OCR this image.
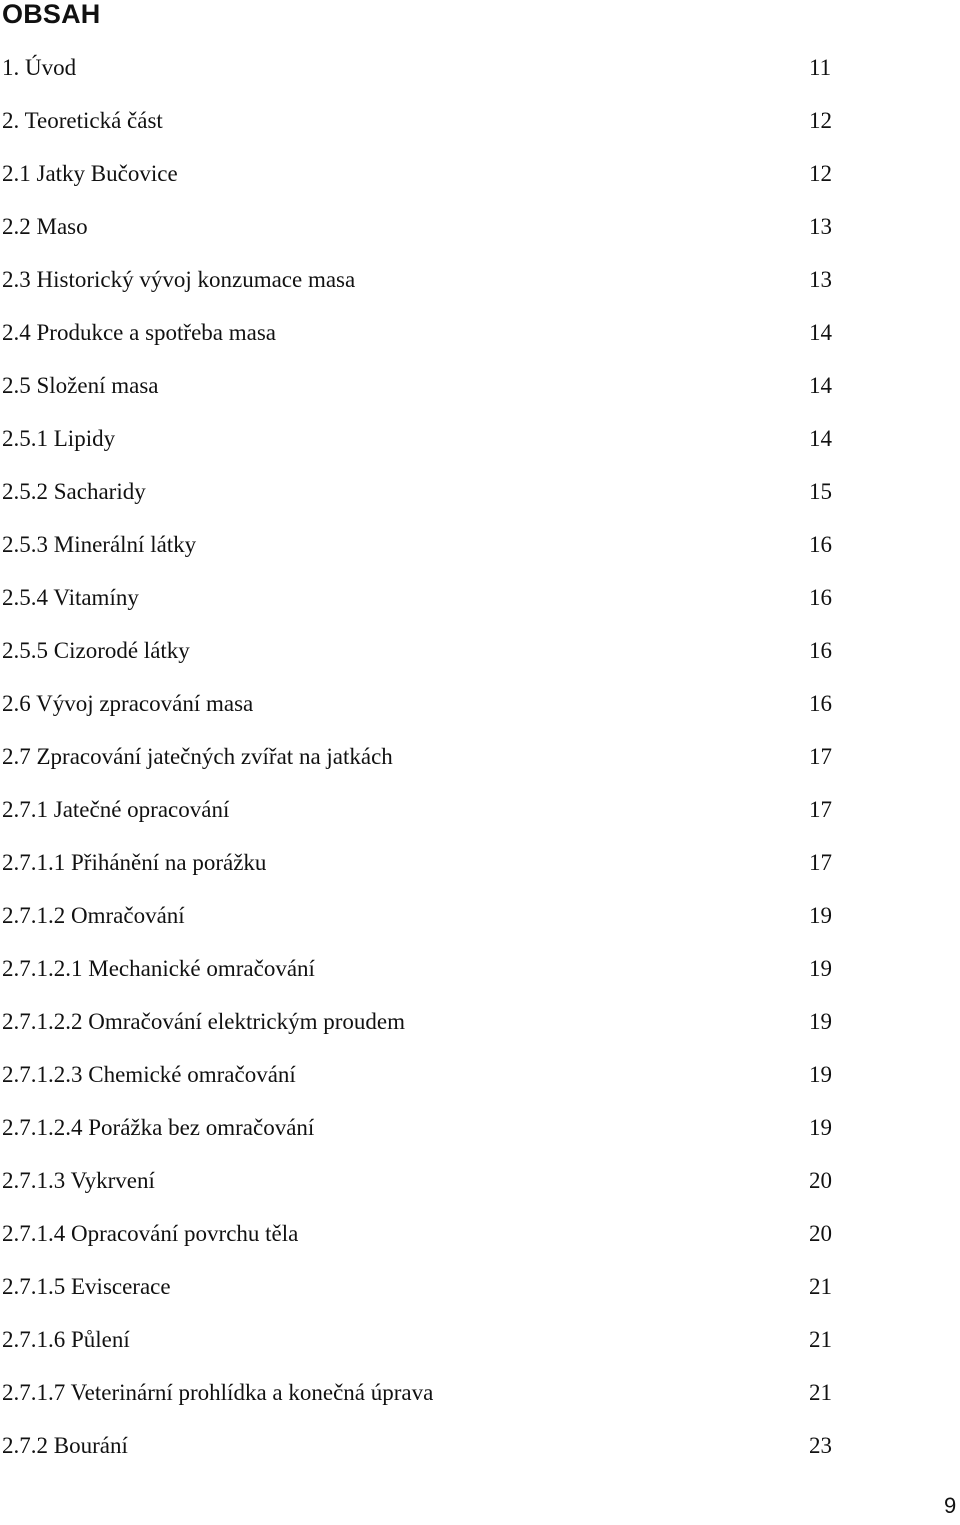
OBSAH
1. Úvod	11
2. Teoretická část	12
2.1 Jatky Bučovice	12
2.2 Maso	13
2.3 Historický vývoj konzumace masa	13
2.4 Produkce a spotřeba masa	14
2.5 Složení masa	14
2.5.1 Lipidy	14
2.5.2 Sacharidy	15
2.5.3 Minerální látky	16
2.5.4 Vitamíny	16
2.5.5 Cizorodé látky	16
2.6 Vývoj zpracování masa	16
2.7 Zpracování jatečných zvířat na jatkách	17
2.7.1 Jatečné opracování	17
2.7.1.1 Přihánění na porážku	17
2.7.1.2 Omračování	19
2.7.1.2.1 Mechanické omračování	19
2.7.1.2.2 Omračování elektrickým proudem	19
2.7.1.2.3 Chemické omračování	19
2.7.1.2.4 Porážka bez omračování	19
2.7.1.3 Vykrvení	20
2.7.1.4 Opracování povrchu těla	20
2.7.1.5 Eviscerace	21
2.7.1.6 Půlení	21
2.7.1.7 Veterinární prohlídka a konečná úprava	21
2.7.2 Bourání	23
9
